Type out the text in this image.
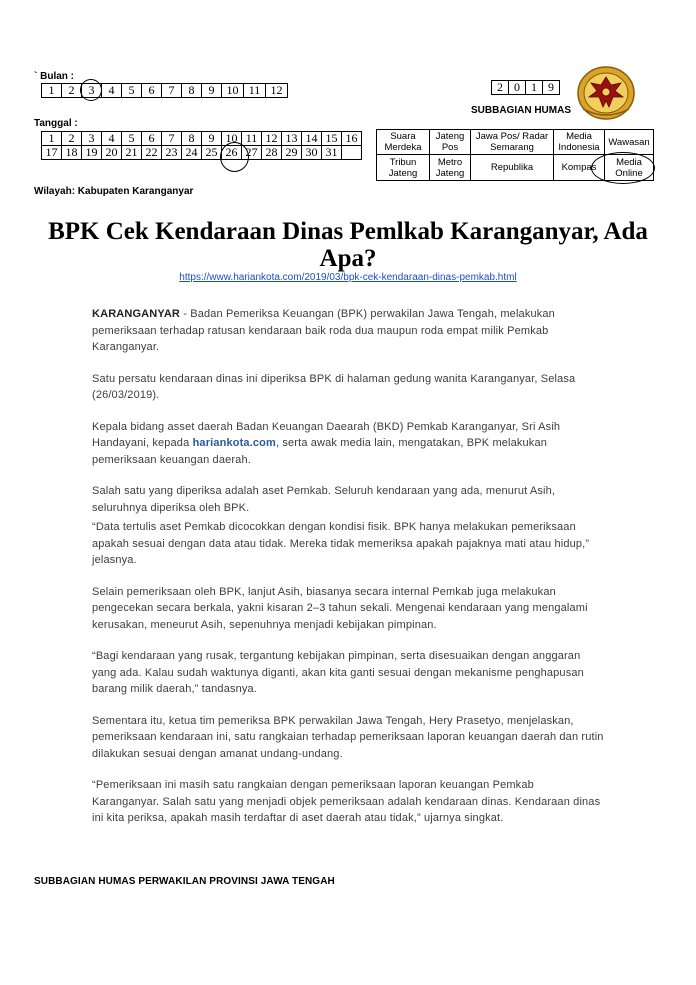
` Bulan :
1	2	3	4	5	6	7	8	9	10	11	12
Tanggal :
1	2	3	4	5	6	7	8	9	10	11	12	13	14	15	16
17	18	19	20	21	22	23	24	25	26	27	28	29	30	31	
2	0	1	9
SUBBAGIAN HUMAS
Suara Merdeka	Jateng Pos	Jawa Pos/ Radar Semarang	Media Indonesia	Wawasan
Tribun Jateng	Metro Jateng	Republika	Kompas	Media Online
Wilayah: Kabupaten Karanganyar
BPK Cek Kendaraan Dinas Pemlkab Karanganyar, Ada Apa?
https://www.hariankota.com/2019/03/bpk-cek-kendaraan-dinas-pemkab.html

KARANGANYAR - Badan Pemeriksa Keuangan (BPK) perwakilan Jawa Tengah, melakukan pemeriksaan terhadap ratusan kendaraan baik roda dua maupun roda empat milik Pemkab Karanganyar.

Satu persatu kendaraan dinas ini diperiksa BPK di halaman gedung wanita Karanganyar, Selasa (26/03/2019).

Kepala bidang asset daerah Badan Keuangan Daearah (BKD) Pemkab Karanganyar, Sri Asih Handayani, kepada hariankota.com, serta awak media lain, mengatakan, BPK melakukan pemeriksaan keuangan daerah.

Salah satu yang diperiksa adalah aset Pemkab. Seluruh kendaraan yang ada, menurut Asih, seluruhnya diperiksa oleh BPK.

“Data tertulis aset Pemkab dicocokkan dengan kondisi fisik. BPK hanya melakukan pemeriksaan apakah sesuai dengan data atau tidak. Mereka tidak memeriksa apakah pajaknya mati atau hidup,” jelasnya.

Selain pemeriksaan oleh BPK, lanjut Asih, biasanya secara internal Pemkab juga melakukan pengecekan secara berkala, yakni kisaran 2–3 tahun sekali. Mengenai kendaraan yang mengalami kerusakan, meneurut Asih, sepenuhnya menjadi kebijakan pimpinan.

“Bagi kendaraan yang rusak, tergantung kebijakan pimpinan, serta disesuaikan dengan anggaran yang ada. Kalau sudah waktunya diganti, akan kita ganti sesuai dengan mekanisme penghapusan barang milik daerah,” tandasnya.

Sementara itu, ketua tim pemeriksa BPK perwakilan Jawa Tengah, Hery Prasetyo, menjelaskan, pemeriksaan kendaraan ini, satu rangkaian terhadap pemeriksaan laporan keuangan daerah dan rutin dilakukan sesuai dengan amanat undang-undang.

“Pemeriksaan ini masih satu rangkaian dengan pemeriksaan laporan keuangan Pemkab Karanganyar. Salah satu yang menjadi objek pemeriksaan adalah kendaraan dinas. Kendaraan dinas ini kita periksa, apakah masih terdaftar di aset daerah atau tidak,” ujarnya singkat.

SUBBAGIAN HUMAS PERWAKILAN PROVINSI JAWA TENGAH
